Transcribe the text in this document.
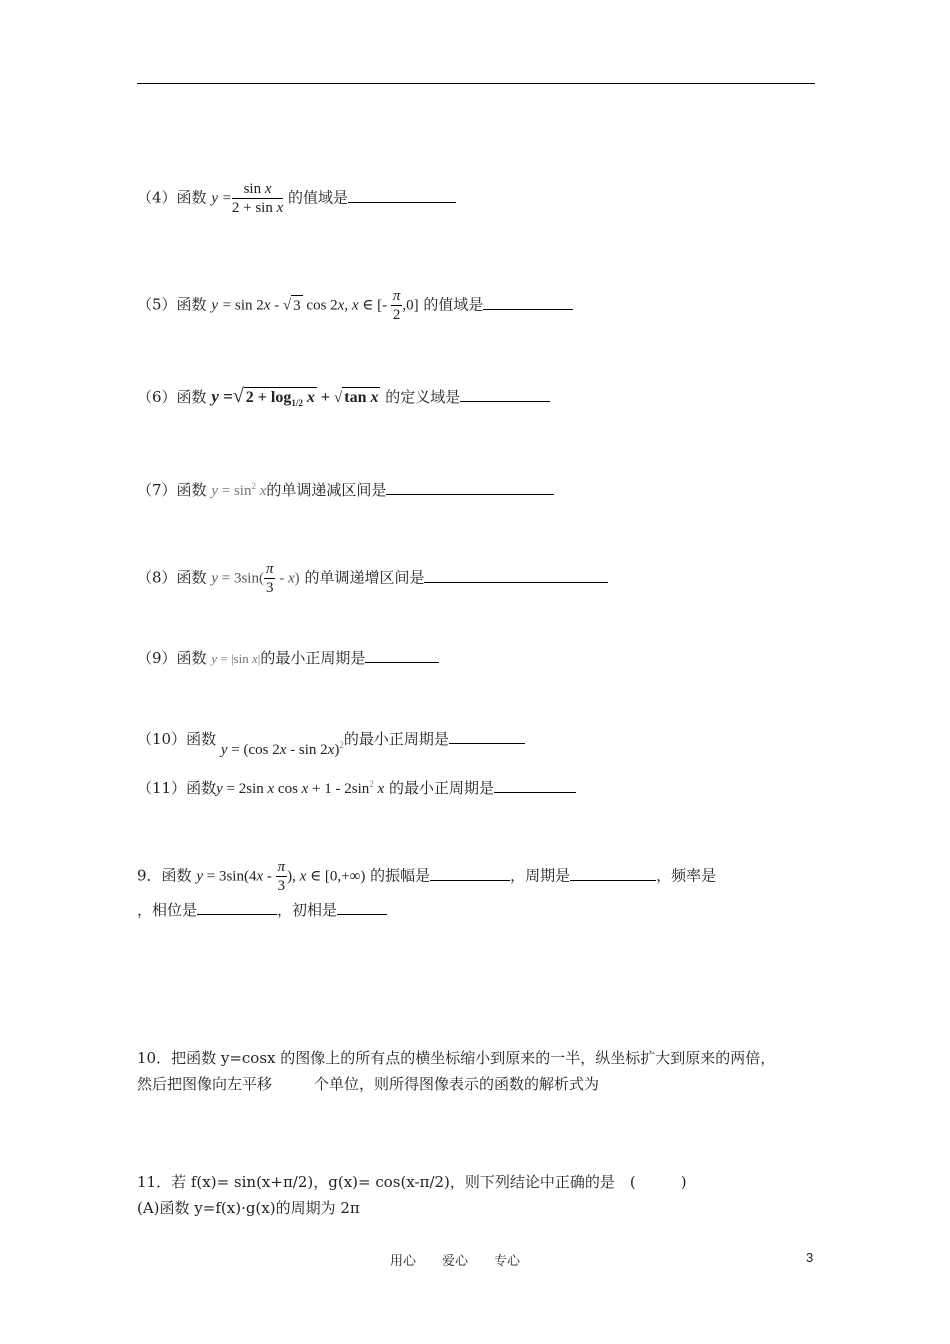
（4）函数 $y = \frac{\text{sin x}}{\text{2 + sin x}}$ 的值域是
（5）函数 y = sin 2x - √ 3 cos 2x, x ∈ [- $\frac{\pi}{2} ,0$] 的值域是
（6）函数 y =√ $2 + \log_{1/2} x$ + √ tan x 的定义域是
（7）函数 $y = \sin^2 x$的单调递减区间是
（8）函数 $y = 3\sin( \frac{\pi}{3} - x)$ 的单调递增区间是
（9）函数 y = |sin x|的最小正周期是
（10）函数 y = (cos 2x - sin 2x)$^2$的最小正周期是
（11）函数y = 2sin x $\cos x + 1 - 2\sin^2$ x 的最小正周期是
9．函数 $y = 3\sin(4x - \frac{\pi}{3}$ ), x ∈ [0,+∞) 的振幅是	，周期是	，频率是
，相位是	，初相是
10．把函数 y=cosx 的图像上的所有点的横坐标缩小到原来的一半，纵坐标扩大到原来的两倍，
然后把图像向左平移	个单位，则所得图像表示的函数的解析式为
11．若 f(x)= sin(x+π/2)，g(x)= cos(x-π/2)，则下列结论中正确的是　(　　　)
(A)函数 y=f(x)·g(x)的周期为 2π
用心　　爱心　　专心	3
